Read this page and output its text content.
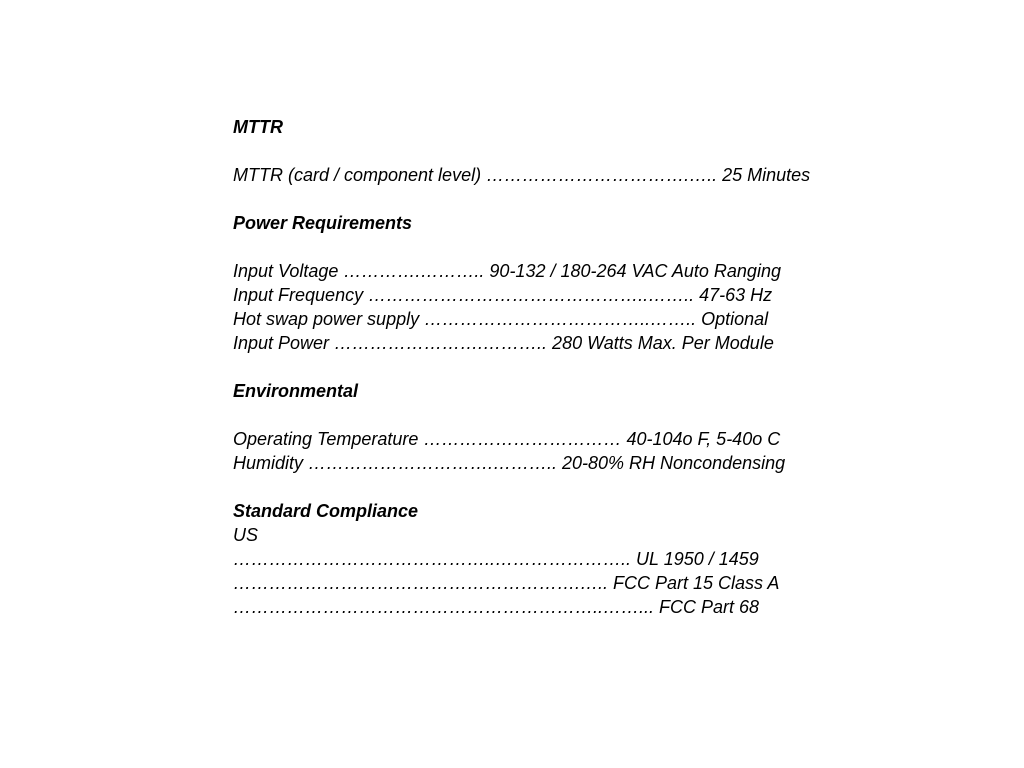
MTTR
MTTR (card / component level) …………………………….….. 25 Minutes
Power Requirements
Input Voltage ………….……….. 90-132 / 180-264 VAC Auto Ranging
Input Frequency ………………………………………..…….. 47-63 Hz
Hot swap power supply ………………………………..…….. Optional
Input Power …………………….……….. 280 Watts Max. Per Module
Environmental
Operating Temperature …………………………… 40-104o F, 5-40o C
Humidity ………………………….……….. 20-80% RH Noncondensing
Standard Compliance
US
……………………………………..………………….. UL 1950 / 1459
………………………………………………….….. FCC Part 15 Class A
……………………………………………………..……... FCC Part 68
